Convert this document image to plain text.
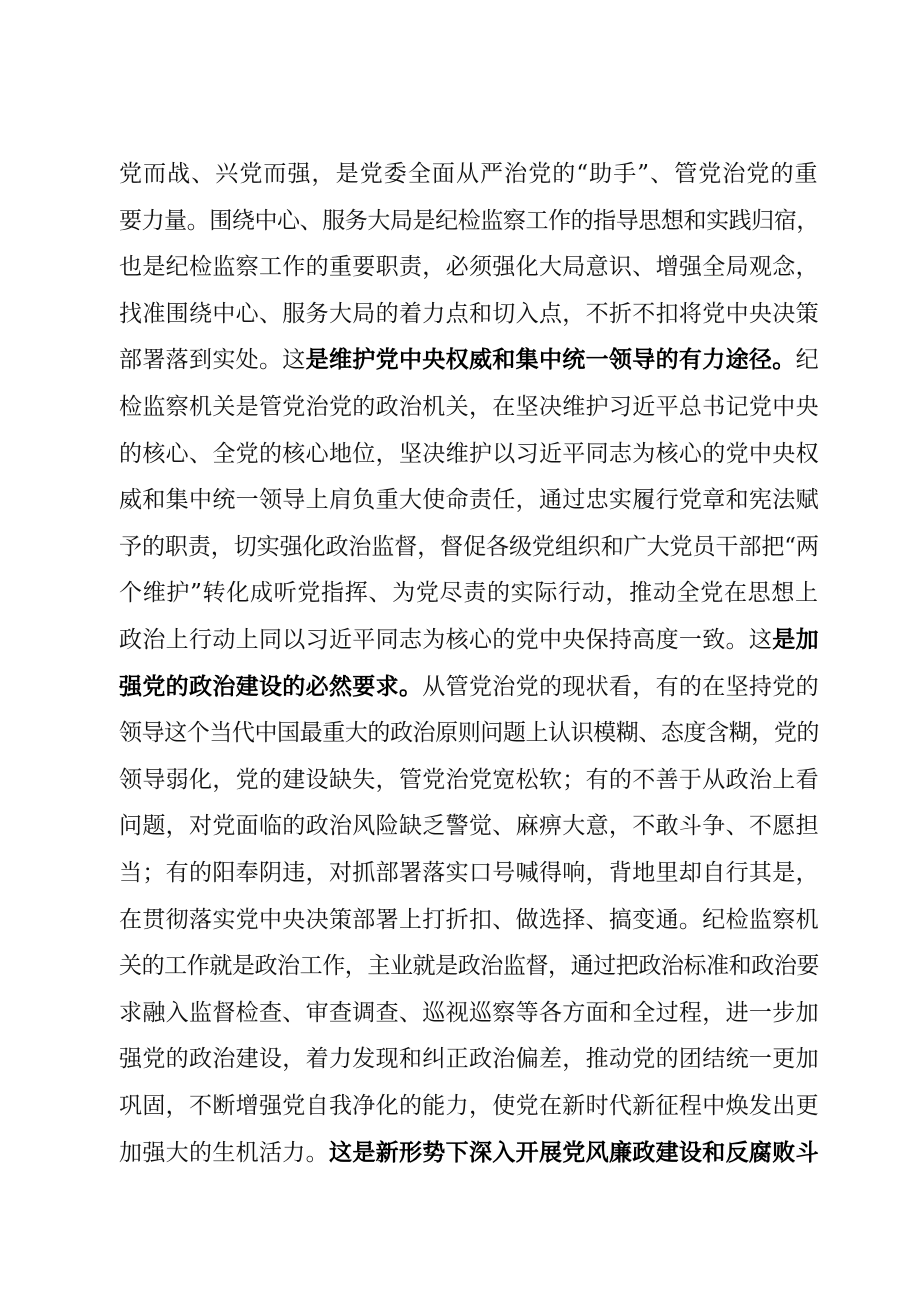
党而战、兴党而强，是党委全面从严治党的“助手”、管党治党的重
要力量。围绕中心、服务大局是纪检监察工作的指导思想和实践归宿，
也是纪检监察工作的重要职责，必须强化大局意识、增强全局观念，
找准围绕中心、服务大局的着力点和切入点，不折不扣将党中央决策
部署落到实处。这是维护党中央权威和集中统一领导的有力途径。纪
检监察机关是管党治党的政治机关，在坚决维护习近平总书记党中央
的核心、全党的核心地位，坚决维护以习近平同志为核心的党中央权
威和集中统一领导上肩负重大使命责任，通过忠实履行党章和宪法赋
予的职责，切实强化政治监督，督促各级党组织和广大党员干部把“两
个维护”转化成听党指挥、为党尽责的实际行动，推动全党在思想上
政治上行动上同以习近平同志为核心的党中央保持高度一致。这是加
强党的政治建设的必然要求。从管党治党的现状看，有的在坚持党的
领导这个当代中国最重大的政治原则问题上认识模糊、态度含糊，党的
领导弱化，党的建设缺失，管党治党宽松软；有的不善于从政治上看
问题，对党面临的政治风险缺乏警觉、麻痹大意，不敢斗争、不愿担
当；有的阳奉阴违，对抓部署落实口号喊得响，背地里却自行其是，
在贯彻落实党中央决策部署上打折扣、做选择、搞变通。纪检监察机
关的工作就是政治工作，主业就是政治监督，通过把政治标准和政治要
求融入监督检查、审查调查、巡视巡察等各方面和全过程，进一步加
强党的政治建设，着力发现和纠正政治偏差，推动党的团结统一更加
巩固，不断增强党自我净化的能力，使党在新时代新征程中焕发出更
加强大的生机活力。这是新形势下深入开展党风廉政建设和反腐败斗
